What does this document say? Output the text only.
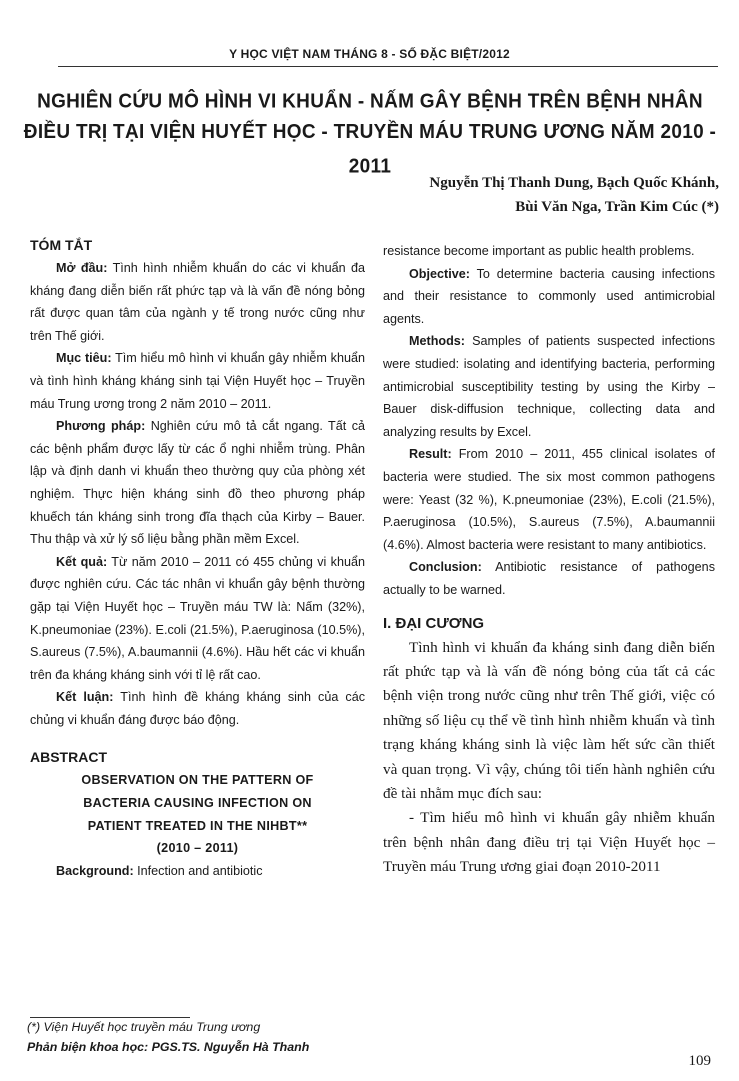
Y HỌC VIỆT NAM THÁNG 8 - SỐ ĐẶC BIỆT/2012
NGHIÊN CỨU MÔ HÌNH VI KHUẨN - NẤM GÂY BỆNH TRÊN BỆNH NHÂN
ĐIỀU TRỊ TẠI VIỆN HUYẾT HỌC - TRUYỀN MÁU TRUNG ƯƠNG NĂM 2010 - 2011
Nguyễn Thị Thanh Dung, Bạch Quốc Khánh,
Bùi Văn Nga, Trần Kim Cúc (*)
TÓM TẮT

Mở đầu: Tình hình nhiễm khuẩn do các vi khuẩn đa kháng đang diễn biến rất phức tạp và là vấn đề nóng bỏng rất được quan tâm của ngành y tế trong nước cũng như trên Thế giới.

Mục tiêu: Tìm hiểu mô hình vi khuẩn gây nhiễm khuẩn và tình hình kháng kháng sinh tại Viện Huyết học – Truyền máu Trung ương trong 2 năm 2010 – 2011.

Phương pháp: Nghiên cứu mô tả cắt ngang. Tất cả các bệnh phẩm được lấy từ các ổ nghi nhiễm trùng. Phân lập và định danh vi khuẩn theo thường quy của phòng xét nghiệm. Thực hiện kháng sinh đồ theo phương pháp khuếch tán kháng sinh trong đĩa thạch của Kirby – Bauer. Thu thập và xử lý số liệu bằng phần mềm Excel.

Kết quả: Từ năm 2010 – 2011 có 455 chủng vi khuẩn được nghiên cứu. Các tác nhân vi khuẩn gây bệnh thường gặp tại Viện Huyết học – Truyền máu TW là: Nấm (32%), K.pneumoniae (23%). E.coli (21.5%), P.aeruginosa (10.5%), S.aureus (7.5%), A.baumannii (4.6%). Hầu hết các vi khuẩn trên đa kháng kháng sinh với tỉ lệ rất cao.

Kết luận: Tình hình đề kháng kháng sinh của các chủng vi khuẩn đáng được báo động.

ABSTRACT
OBSERVATION ON THE PATTERN OF
BACTERIA CAUSING INFECTION ON
PATIENT TREATED IN THE NIHBT**
(2010 – 2011)

Background: Infection and antibiotic

resistance become important as public health problems.

Objective: To determine bacteria causing infections and their resistance to commonly used antimicrobial agents.

Methods: Samples of patients suspected infections were studied: isolating and identifying bacteria, performing antimicrobial susceptibility testing by using the Kirby – Bauer disk-diffusion technique, collecting data and analyzing results by Excel.

Result: From 2010 – 2011, 455 clinical isolates of bacteria were studied. The six most common pathogens were: Yeast (32 %), K.pneumoniae (23%), E.coli (21.5%), P.aeruginosa (10.5%), S.aureus (7.5%), A.baumannii (4.6%). Almost bacteria were resistant to many antibiotics.

Conclusion: Antibiotic resistance of pathogens actually to be warned.

I. ĐẠI CƯƠNG

Tình hình vi khuẩn đa kháng sinh đang diễn biến rất phức tạp và là vấn đề nóng bỏng của tất cả các bệnh viện trong nước cũng như trên Thế giới, việc có những số liệu cụ thể về tình hình nhiễm khuẩn và tình trạng kháng kháng sinh là việc làm hết sức cần thiết và quan trọng. Vì vậy, chúng tôi tiến hành nghiên cứu đề tài nhằm mục đích sau:

- Tìm hiểu mô hình vi khuẩn gây nhiễm khuẩn trên bệnh nhân đang điều trị tại Viện Huyết học – Truyền máu Trung ương giai đoạn 2010-2011

(*) Viện Huyết học truyền máu Trung ương
Phản biện khoa học: PGS.TS. Nguyễn Hà Thanh
109
